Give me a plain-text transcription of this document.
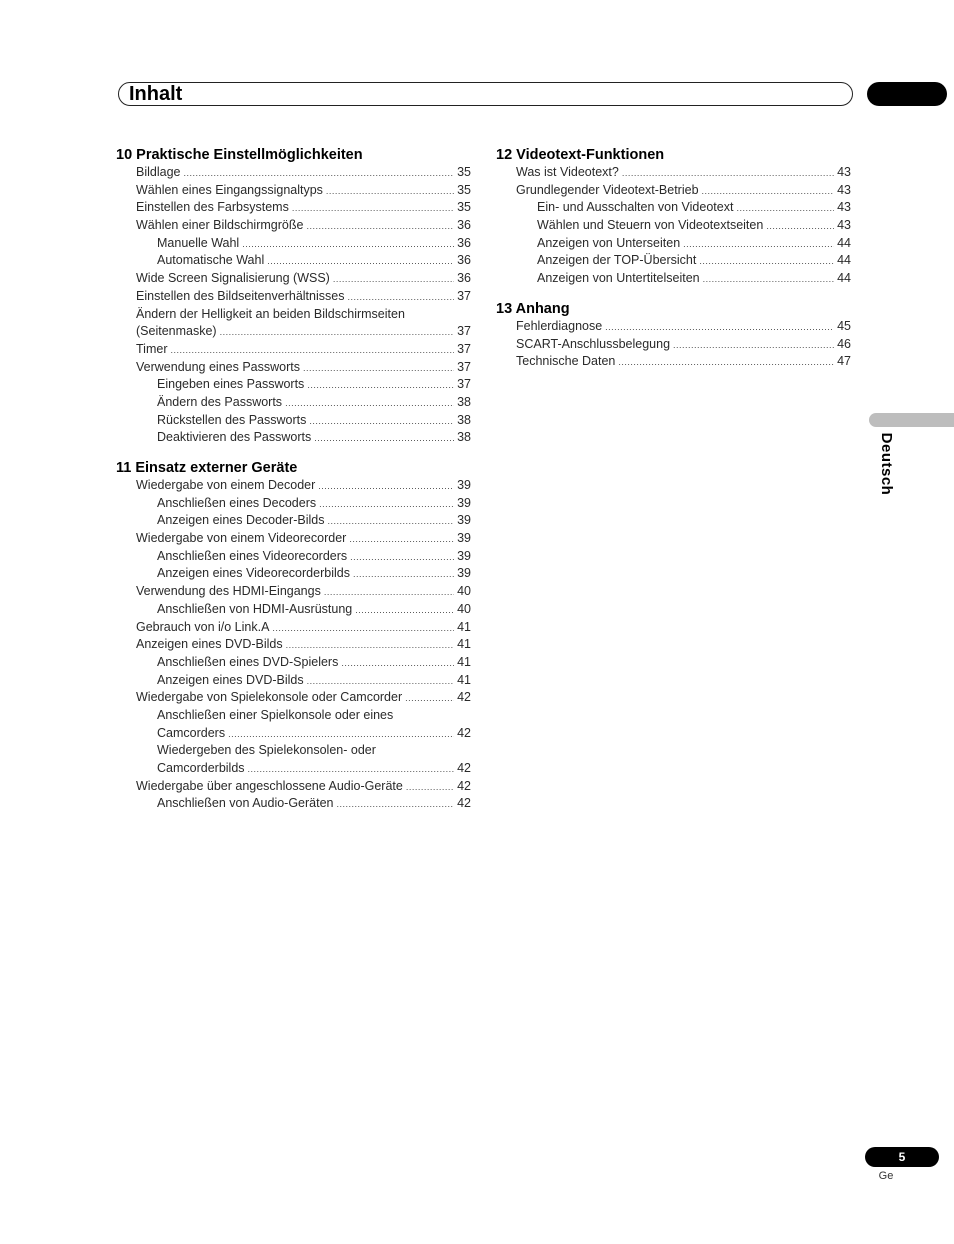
Inhalt
10 Praktische Einstellmöglichkeiten
Bildlage .....	35
Wählen eines Eingangssignaltyps .....	35
Einstellen des Farbsystems .....	35
Wählen einer Bildschirmgröße .....	36
Manuelle Wahl .....	36
Automatische Wahl .....	36
Wide Screen Signalisierung (WSS) .....	36
Einstellen des Bildseitenverhältnisses .....	37
Ändern der Helligkeit an beiden Bildschirmseiten
(Seitenmaske) .....	37
Timer .....	37
Verwendung eines Passworts .....	37
Eingeben eines Passworts .....	37
Ändern des Passworts .....	38
Rückstellen des Passworts .....	38
Deaktivieren des Passworts .....	38
11 Einsatz externer Geräte
Wiedergabe von einem Decoder .....	39
Anschließen eines Decoders .....	39
Anzeigen eines Decoder-Bilds .....	39
Wiedergabe von einem Videorecorder .....	39
Anschließen eines Videorecorders .....	39
Anzeigen eines Videorecorderbilds .....	39
Verwendung des HDMI-Eingangs .....	40
Anschließen von HDMI-Ausrüstung .....	40
Gebrauch von i/o Link.A .....	41
Anzeigen eines DVD-Bilds .....	41
Anschließen eines DVD-Spielers .....	41
Anzeigen eines DVD-Bilds .....	41
Wiedergabe von Spielekonsole oder Camcorder .....	42
Anschließen einer Spielkonsole oder eines
Camcorders .....	42
Wiedergeben des Spielekonsolen- oder
Camcorderbilds .....	42
Wiedergabe über angeschlossene Audio-Geräte .....	42
Anschließen von Audio-Geräten .....	42
12 Videotext-Funktionen
Was ist Videotext? .....	43
Grundlegender Videotext-Betrieb .....	43
Ein- und Ausschalten von Videotext .....	43
Wählen und Steuern von Videotextseiten .....	43
Anzeigen von Unterseiten .....	44
Anzeigen der TOP-Übersicht .....	44
Anzeigen von Untertitelseiten .....	44
13 Anhang
Fehlerdiagnose .....	45
SCART-Anschlussbelegung .....	46
Technische Daten .....	47
Deutsch
5
Ge
